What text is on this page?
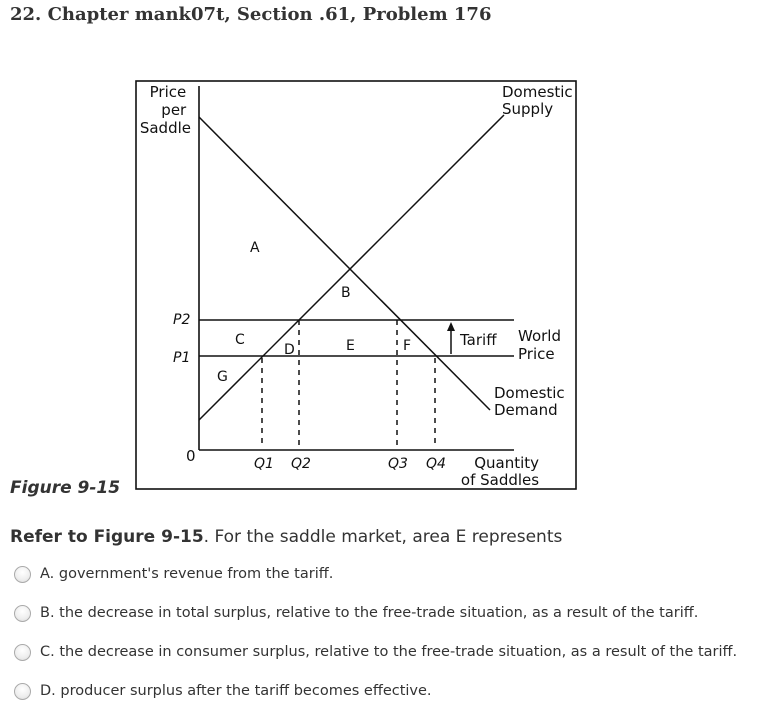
22. Chapter mank07t, Section .61, Problem 176
Price per Saddle
Tariff World Price
Domestic Supply
Domestic Demand
P2
P1
0	Q1 Q2	Q3 Q4	Quantity of Saddles
A
B
C
D	E	F
G
Figure 9-15
Refer to Figure 9-15. For the saddle market, area E represents
A. government's revenue from the tariff.
B. the decrease in total surplus, relative to the free-trade situation, as a result of the tariff.
C. the decrease in consumer surplus, relative to the free-trade situation, as a result of the tariff.
D. producer surplus after the tariff becomes effective.
